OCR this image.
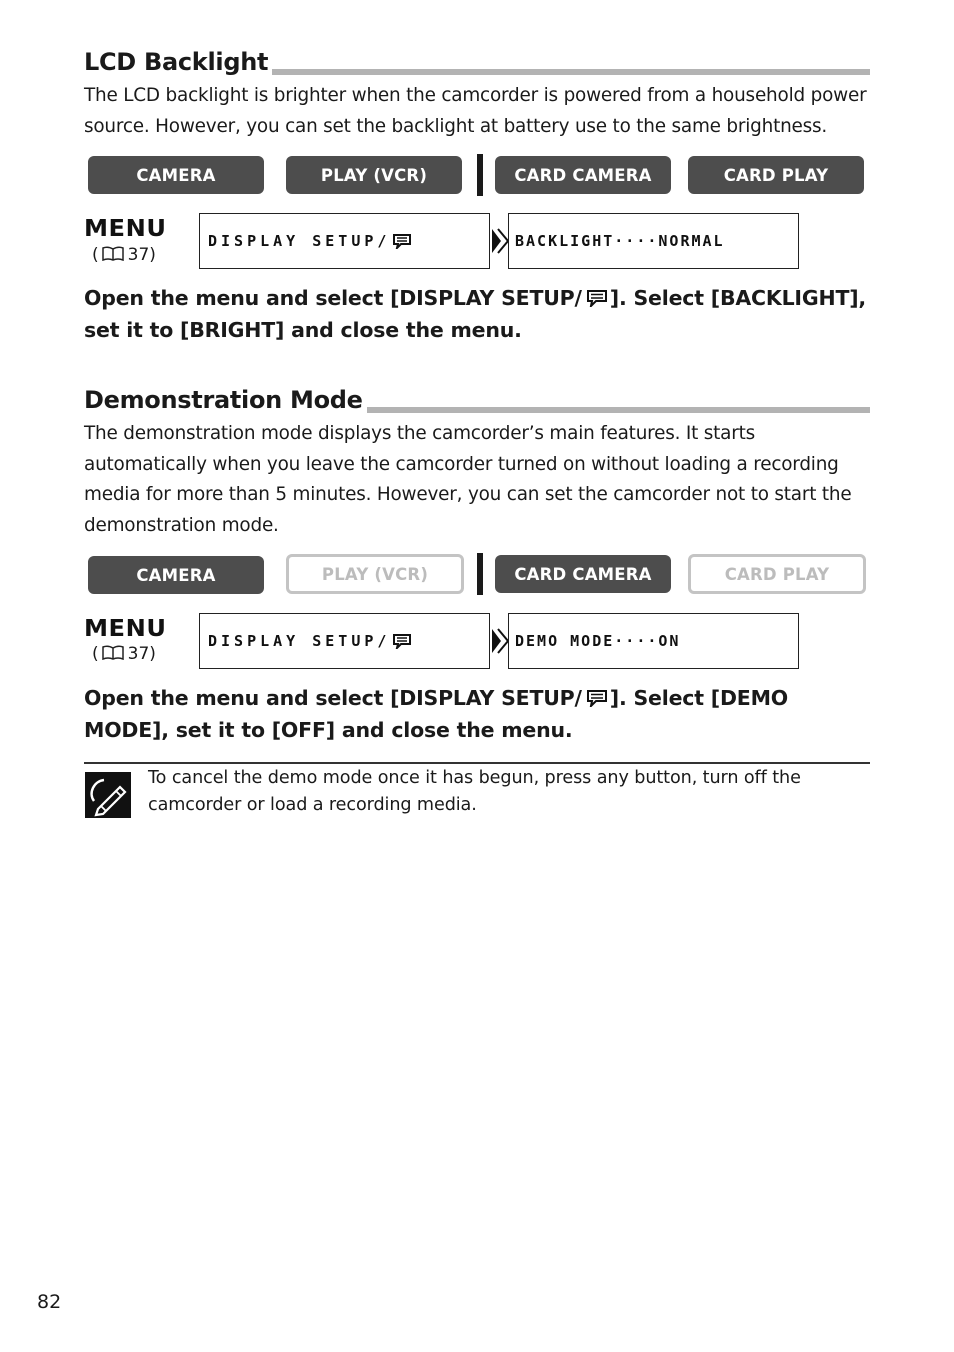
LCD Backlight
The LCD backlight is brighter when the camcorder is powered from a household power source. However, you can set the backlight at battery use to the same brightness.
CAMERA	PLAY (VCR)	CARD CAMERA	CARD PLAY
MENU
( 37)
DISPLAY SETUP/	BACKLIGHT····NORMAL
Open the menu and select [DISPLAY SETUP/ ]. Select [BACKLIGHT], set it to [BRIGHT] and close the menu.
Demonstration Mode
The demonstration mode displays the camcorder’s main features. It starts automatically when you leave the camcorder turned on without loading a recording media for more than 5 minutes. However, you can set the camcorder not to start the demonstration mode.
CAMERA	PLAY (VCR)	CARD CAMERA	CARD PLAY
MENU
( 37)
DISPLAY SETUP/	DEMO MODE····ON
Open the menu and select [DISPLAY SETUP/ ]. Select [DEMO MODE], set it to [OFF] and close the menu.
To cancel the demo mode once it has begun, press any button, turn off the camcorder or load a recording media.
82
